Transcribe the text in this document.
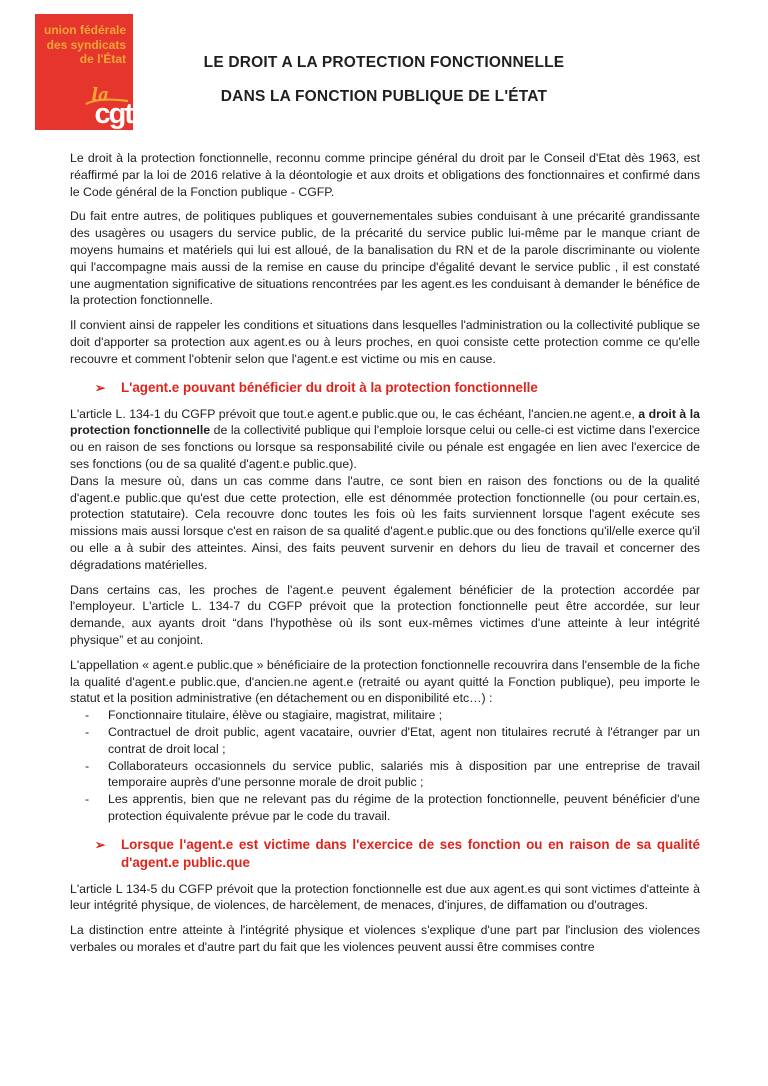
union fédérale
des syndicats
de l'État
la
cgt
LE DROIT A LA PROTECTION FONCTIONNELLE
DANS LA FONCTION PUBLIQUE DE L'ÉTAT

Le droit à la protection fonctionnelle, reconnu comme principe général du droit par le Conseil d'Etat dès 1963, est réaffirmé par la loi de 2016 relative à la déontologie et aux droits et obligations des fonctionnaires et confirmé dans le Code général de la Fonction publique - CGFP.

Du fait entre autres, de politiques publiques et gouvernementales subies conduisant à une précarité grandissante des usagères ou usagers du service public, de la précarité du service public lui-même par le manque criant de moyens humains et matériels qui lui est alloué, de la banalisation du RN et de la parole discriminante ou violente qui l'accompagne mais aussi de la remise en cause du principe d'égalité devant le service public , il est constaté une augmentation significative de situations rencontrées par les agent.es les conduisant à demander le bénéfice de la protection fonctionnelle.

Il convient ainsi de rappeler les conditions et situations dans lesquelles l'administration ou la collectivité publique se doit d'apporter sa protection aux agent.es ou à leurs proches, en quoi consiste cette protection comme ce qu'elle recouvre et comment l'obtenir selon que l'agent.e est victime ou mis en cause.

➢	L'agent.e pouvant bénéficier du droit à la protection fonctionnelle

L'article L. 134-1 du CGFP prévoit que tout.e agent.e public.que ou, le cas échéant, l'ancien.ne agent.e, a droit à la protection fonctionnelle de la collectivité publique qui l'emploie lorsque celui ou celle-ci est victime dans l'exercice ou en raison de ses fonctions ou lorsque sa responsabilité civile ou pénale est engagée en lien avec l'exercice de ses fonctions (ou de sa qualité d'agent.e public.que).

Dans la mesure où, dans un cas comme dans l'autre, ce sont bien en raison des fonctions ou de la qualité d'agent.e public.que qu'est due cette protection, elle est dénommée protection fonctionnelle (ou pour certain.es, protection statutaire). Cela recouvre donc toutes les fois où les faits surviennent lorsque l'agent exécute ses missions mais aussi lorsque c'est en raison de sa qualité d'agent.e public.que ou des fonctions qu'il/elle exerce qu'il ou elle a à subir des atteintes. Ainsi, des faits peuvent survenir en dehors du lieu de travail et concerner des dégradations matérielles.

Dans certains cas, les proches de l'agent.e peuvent également bénéficier de la protection accordée par l'employeur. L'article L. 134-7 du CGFP prévoit que la protection fonctionnelle peut être accordée, sur leur demande, aux ayants droit “dans l'hypothèse où ils sont eux-mêmes victimes d'une atteinte à leur intégrité physique” et au conjoint.

L'appellation « agent.e public.que » bénéficiaire de la protection fonctionnelle recouvrira dans l'ensemble de la fiche la qualité d'agent.e public.que, d'ancien.ne agent.e (retraité ou ayant quitté la Fonction publique), peu importe le statut et la position administrative (en détachement ou en disponibilité etc…) :

-	Fonctionnaire titulaire, élève ou stagiaire, magistrat, militaire ;
-	Contractuel de droit public, agent vacataire, ouvrier d'Etat, agent non titulaires recruté à l'étranger par un contrat de droit local ;
-	Collaborateurs occasionnels du service public, salariés mis à disposition par une entreprise de travail temporaire auprès d'une personne morale de droit public ;
-	Les apprentis, bien que ne relevant pas du régime de la protection fonctionnelle, peuvent bénéficier d'une protection équivalente prévue par le code du travail.
➢	Lorsque l'agent.e est victime dans l'exercice de ses fonction ou en raison de sa qualité d'agent.e public.que

L'article L 134-5 du CGFP prévoit que la protection fonctionnelle est due aux agent.es qui sont victimes d'atteinte à leur intégrité physique, de violences, de harcèlement, de menaces, d'injures, de diffamation ou d'outrages.

La distinction entre atteinte à l'intégrité physique et violences s'explique d'une part par l'inclusion des violences verbales ou morales et d'autre part du fait que les violences peuvent aussi être commises contre
